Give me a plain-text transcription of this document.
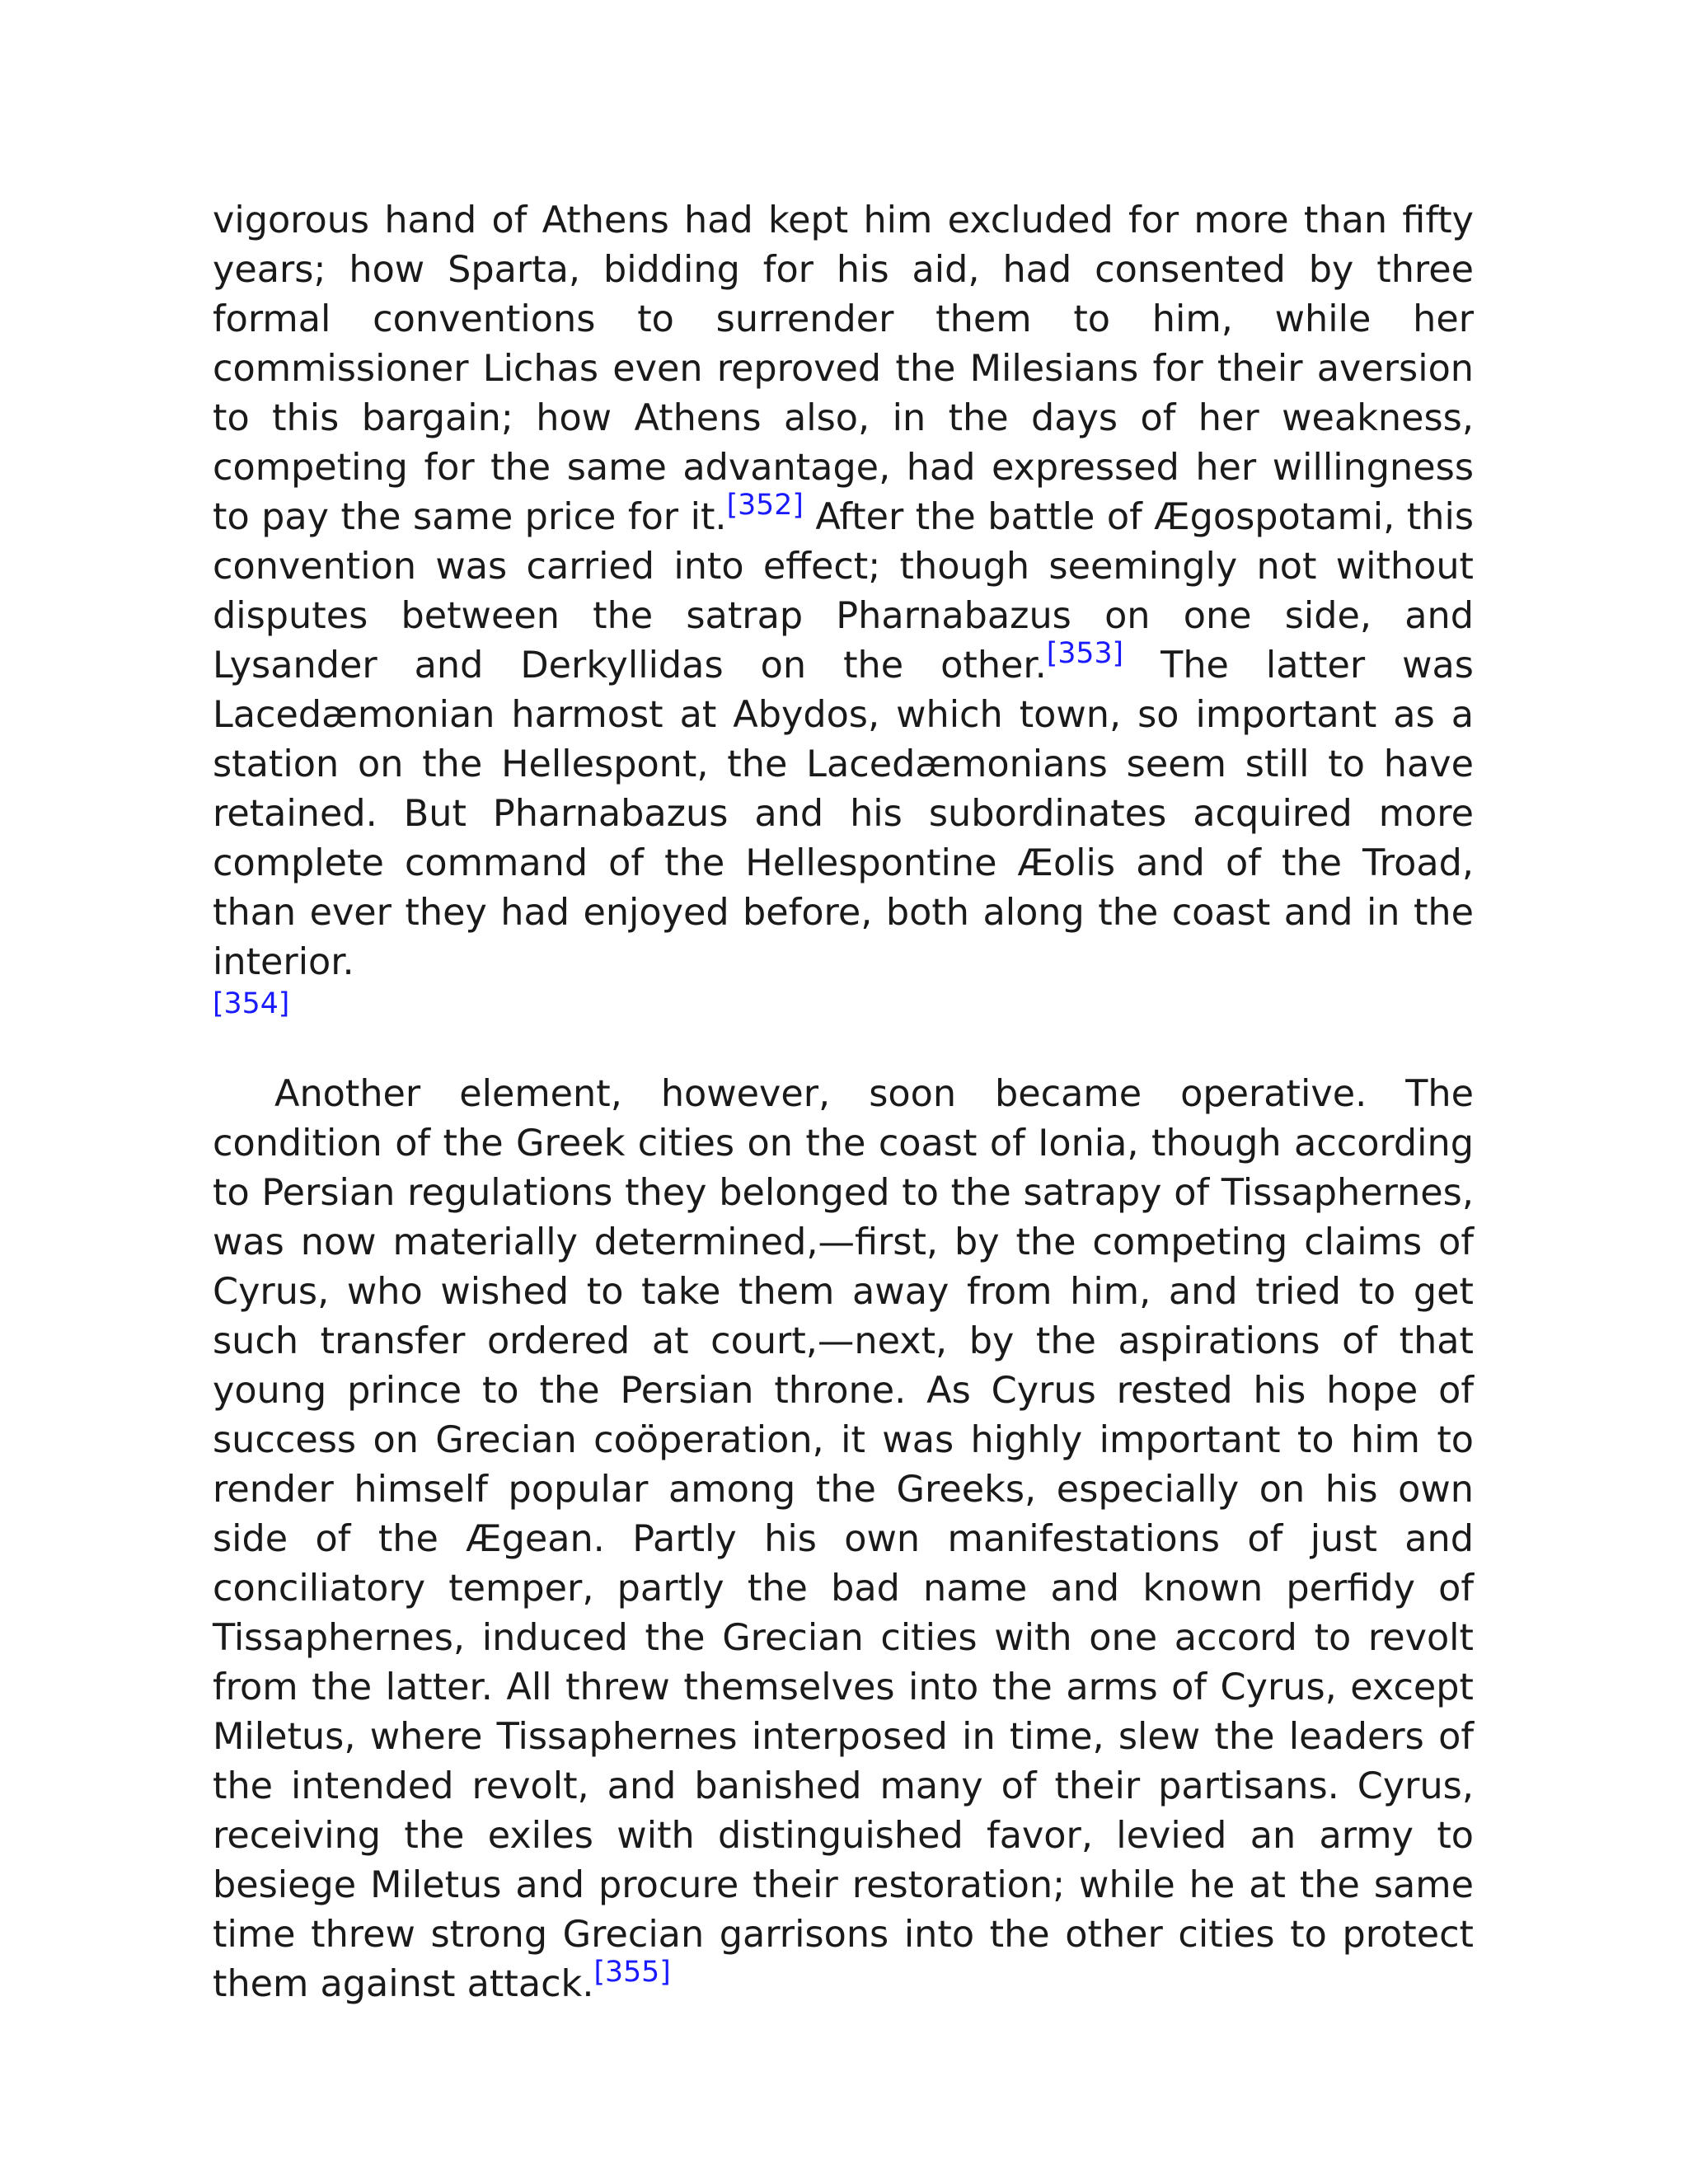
vigorous hand of Athens had kept him excluded for more than fifty years; how Sparta, bidding for his aid, had consented by three formal conventions to surrender them to him, while her commissioner Lichas even reproved the Milesians for their aversion to this bargain; how Athens also, in the days of her weakness, competing for the same advantage, had expressed her willingness to pay the same price for it.[352] After the battle of Ægospotami, this convention was carried into effect; though seemingly not without disputes between the satrap Pharnabazus on one side, and Lysander and Derkyllidas on the other.[353] The latter was Lacedæmonian harmost at Abydos, which town, so important as a station on the Hellespont, the Lacedæmonians seem still to have retained. But Pharnabazus and his subordinates acquired more complete command of the Hellespontine Æolis and of the Troad, than ever they had enjoyed before, both along the coast and in the interior.
[354]

Another element, however, soon became operative. The condition of the Greek cities on the coast of Ionia, though according to Persian regulations they belonged to the satrapy of Tissaphernes, was now materially determined,—first, by the competing claims of Cyrus, who wished to take them away from him, and tried to get such transfer ordered at court,—next, by the aspirations of that young prince to the Persian throne. As Cyrus rested his hope of success on Grecian coöperation, it was highly important to him to render himself popular among the Greeks, especially on his own side of the Ægean. Partly his own manifestations of just and conciliatory temper, partly the bad name and known perfidy of Tissaphernes, induced the Grecian cities with one accord to revolt from the latter. All threw themselves into the arms of Cyrus, except Miletus, where Tissaphernes interposed in time, slew the leaders of the intended revolt, and banished many of their partisans. Cyrus, receiving the exiles with distinguished favor, levied an army to besiege Miletus and procure their restoration; while he at the same time threw strong Grecian garrisons into the other cities to protect them against attack.[355]
